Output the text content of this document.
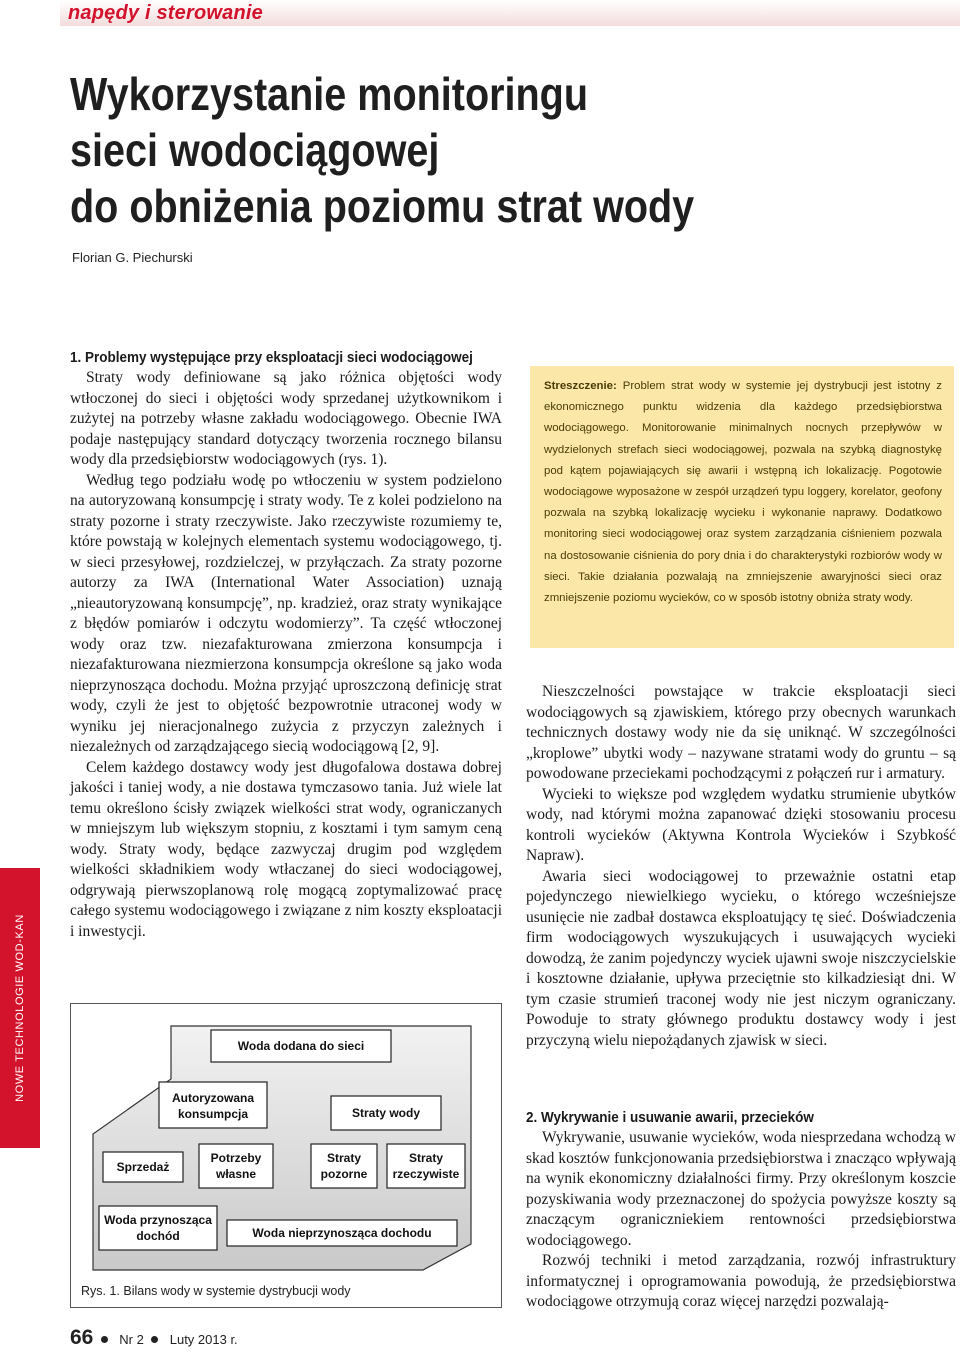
napędy i sterowanie
Wykorzystanie monitoringu
sieci wodociągowej
do obniżenia poziomu strat wody
Florian G. Piechurski
NOWE TECHNOLOGIE WOD-KAN
1. Problemy występujące przy eksploatacji sieci wodociągowej

Straty wody definiowane są jako różnica objętości wody wtłoczonej do sieci i objętości wody sprzedanej użytkownikom i zużytej na potrzeby własne zakładu wodociągowego. Obecnie IWA podaje następujący standard dotyczący tworzenia rocznego bilansu wody dla przedsiębiorstw wodociągowych (rys. 1).

Według tego podziału wodę po wtłoczeniu w system podzielono na autoryzowaną konsumpcję i straty wody. Te z kolei podzielono na straty pozorne i straty rzeczywiste. Jako rzeczywiste rozumiemy te, które powstają w kolejnych elementach systemu wodociągowego, tj. w sieci przesyłowej, rozdzielczej, w przyłączach. Za straty pozorne autorzy za IWA (International Water Association) uznają „nieautoryzowaną konsumpcję”, np. kradzież, oraz straty wynikające z błędów pomiarów i odczytu wodomierzy”. Ta część wtłoczonej wody oraz tzw. niezafakturowana zmierzona konsumpcja i niezafakturowana niezmierzona konsumpcja określone są jako woda nieprzynosząca dochodu. Można przyjąć uproszczoną definicję strat wody, czyli że jest to objętość bezpowrotnie utraconej wody w wyniku jej nieracjonalnego zużycia z przyczyn zależnych i niezależnych od zarządzającego siecią wodociągową [2, 9].

Celem każdego dostawcy wody jest długofalowa dostawa dobrej jakości i taniej wody, a nie dostawa tymczasowo tania. Już wiele lat temu określono ścisły związek wielkości strat wody, ograniczanych w mniejszym lub większym stopniu, z kosztami i tym samym ceną wody. Straty wody, będące zazwyczaj drugim pod względem wielkości składnikiem wody wtłaczanej do sieci wodociągowej, odgrywają pierwszoplanową rolę mogącą zoptymalizować pracę całego systemu wodociągowego i związane z nim koszty eksploatacji i inwestycji.

Streszczenie: Problem strat wody w systemie jej dystrybucji jest istotny z ekonomicznego punktu widzenia dla każdego przedsiębiorstwa wodociągowego. Monitorowanie minimalnych nocnych przepływów w wydzielonych strefach sieci wodociągowej, pozwala na szybką diagnostykę pod kątem pojawiających się awarii i wstępną ich lokalizację. Pogotowie wodociągowe wyposażone w zespół urządzeń typu loggery, korelator, geofony pozwala na szybką lokalizację wycieku i wykonanie naprawy. Dodatkowo monitoring sieci wodociągowej oraz system zarządzania ciśnieniem pozwala na dostosowanie ciśnienia do pory dnia i do charakterystyki rozbiorów wody w sieci. Takie działania pozwalają na zmniejszenie awaryjności sieci oraz zmniejszenie poziomu wycieków, co w sposób istotny obniża straty wody.

Nieszczelności powstające w trakcie eksploatacji sieci wodociągowych są zjawiskiem, którego przy obecnych warunkach technicznych dostawy wody nie da się uniknąć. W szczególności „kroplowe” ubytki wody – nazywane stratami wody do gruntu – są powodowane przeciekami pochodzącymi z połączeń rur i armatury.

Wycieki to większe pod względem wydatku strumienie ubytków wody, nad którymi można zapanować dzięki stosowaniu procesu kontroli wycieków (Aktywna Kontrola Wycieków i Szybkość Napraw).

Awaria sieci wodociągowej to przeważnie ostatni etap pojedynczego niewielkiego wycieku, o którego wcześniejsze usunięcie nie zadbał dostawca eksploatujący tę sieć. Doświadczenia firm wodociągowych wyszukujących i usuwających wycieki dowodzą, że zanim pojedynczy wyciek ujawni swoje niszczycielskie i kosztowne działanie, upływa przeciętnie sto kilkadziesiąt dni. W tym czasie strumień traconej wody nie jest niczym ograniczany. Powoduje to straty głównego produktu dostawcy wody i jest przyczyną wielu niepożądanych zjawisk w sieci.

2. Wykrywanie i usuwanie awarii, przecieków

Wykrywanie, usuwanie wycieków, woda niesprzedana wchodzą w skad kosztów funkcjonowania przedsiębiorstwa i znacząco wpływają na wynik ekonomiczny działalności firmy. Przy określonym koszcie pozyskiwania wody przeznaczonej do spożycia powyższe koszty są znaczącym ograniczniekiem rentowności przedsiębiorstwa wodociągowego.

Rozwój techniki i metod zarządzania, rozwój infrastruktury informatycznej i oprogramowania powodują, że przedsiębiorstwa wodociągowe otrzymują coraz więcej narzędzi pozwalają-

Woda dodana do sieci
Autoryzowana
konsumpcja	Straty wody
Sprzedaż
Potrzeby
własne
Straty
pozorne
Straty
rzeczywiste
Woda przynosząca
dochód	Woda nieprzynosząca dochodu
Rys. 1. Bilans wody w systemie dystrybucji wody
66 Nr 2 Luty 2013 r.
